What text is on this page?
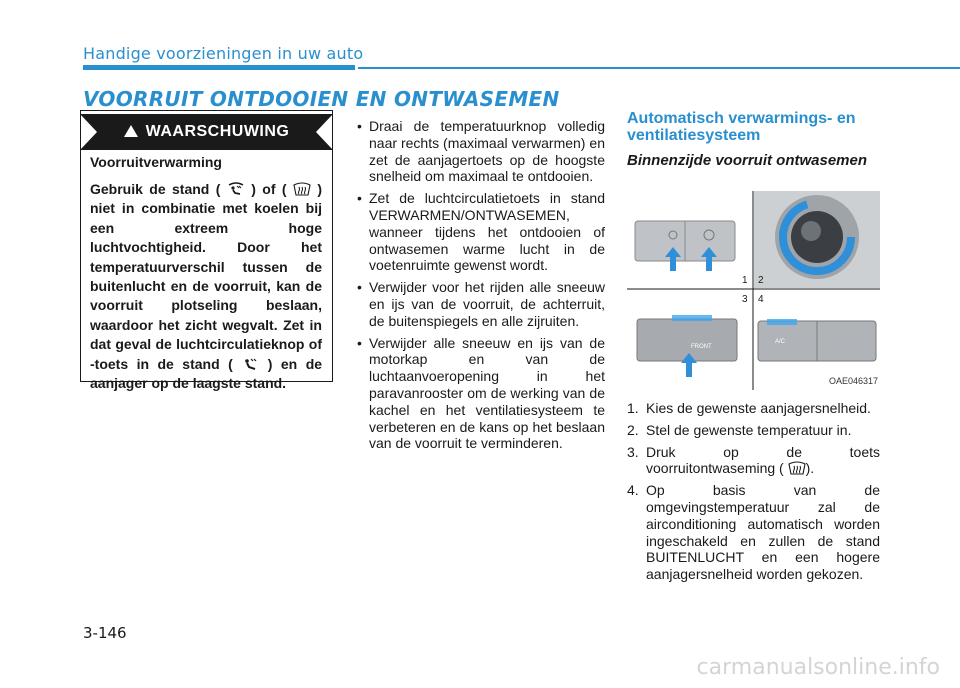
Handige voorzieningen in uw auto
VOORRUIT ONTDOOIEN EN ONTWASEMEN
WAARSCHUWING
Voorruitverwarming
Gebruik de stand ( ) of ( ) niet in combinatie met koelen bij een extreem hoge luchtvochtigheid. Door het temperatuurverschil tussen de buitenlucht en de voorruit, kan de voorruit plotseling beslaan, waardoor het zicht wegvalt. Zet in dat geval de luchtcirculatieknop of -toets in de stand ( ) en de aanjager op de laagste stand.
• Draai de temperatuurknop volledig naar rechts (maximaal verwarmen) en zet de aanjagertoets op de hoogste snelheid om maximaal te ontdooien.
• Zet de luchtcirculatietoets in stand VERWARMEN/ONTWASEMEN, wanneer tijdens het ontdooien of ontwasemen warme lucht in de voetenruimte gewenst wordt.
• Verwijder voor het rijden alle sneeuw en ijs van de voorruit, de achterruit, de buitenspiegels en alle zijruiten.
• Verwijder alle sneeuw en ijs van de motorkap en van de luchtaanvoeropening in het paravanrooster om de werking van de kachel en het ventilatiesysteem te verbeteren en de kans op het beslaan van de voorruit te verminderen.
Automatisch verwarmings- en ventilatiesysteem
Binnenzijde voorruit ontwasemen
FRONT
A/C
1 2
3 4
OAE046317
1. Kies de gewenste aanjagersnelheid.
2. Stel de gewenste temperatuur in.
3. Druk op de toets voorruitontwaseming ( ).
4. Op basis van de omgevingstemperatuur zal de airconditioning automatisch worden ingeschakeld en zullen de stand BUITENLUCHT en een hogere aanjagersnelheid worden gekozen.
3-146
carmanualsonline.info
